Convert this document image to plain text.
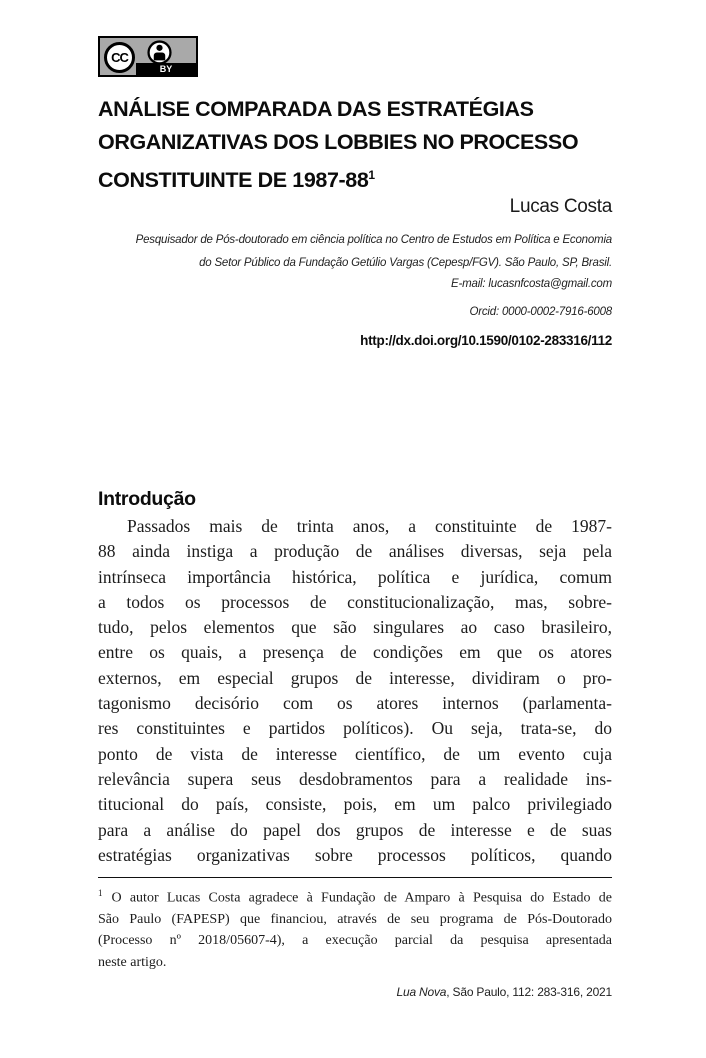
CC
BY
ANÁLISE COMPARADA DAS ESTRATÉGIAS
ORGANIZATIVAS DOS LOBBIES NO PROCESSO
CONSTITUINTE DE $1987-88^1$
Lucas Costa
Pesquisador de Pós-doutorado em ciência política no Centro de Estudos em Política e Economia
do Setor Público da Fundação Getúlio Vargas (Cepesp/FGV). São Paulo, SP, Brasil.
E-mail: lucasnfcosta@gmail.com
Orcid: 0000-0002-7916-6008
http://dx.doi.org/10.1590/0102-283316/112
Introdução
Passados mais de trinta anos, a constituinte de 1987-
88 ainda instiga a produção de análises diversas, seja pela
intrínseca importância histórica, política e jurídica, comum
a todos os processos de constitucionalização, mas, sobre-
tudo, pelos elementos que são singulares ao caso brasileiro,
entre os quais, a presença de condições em que os atores
externos, em especial grupos de interesse, dividiram o pro-
tagonismo decisório com os atores internos (parlamenta-
res constituintes e partidos políticos). Ou seja, trata-se, do
ponto de vista de interesse científico, de um evento cuja
relevância supera seus desdobramentos para a realidade ins-
titucional do país, consiste, pois, em um palco privilegiado
para a análise do papel dos grupos de interesse e de suas
estratégias organizativas sobre processos políticos, quando
$^1$ O autor Lucas Costa agradece à Fundação de Amparo à Pesquisa do Estado de
São Paulo (FAPESP) que financiou, através de seu programa de Pós-Doutorado
(Processo nº 2018/05607-4), a execução parcial da pesquisa apresentada
neste artigo.
Lua Nova, São Paulo, 112: 283-316, 2021
